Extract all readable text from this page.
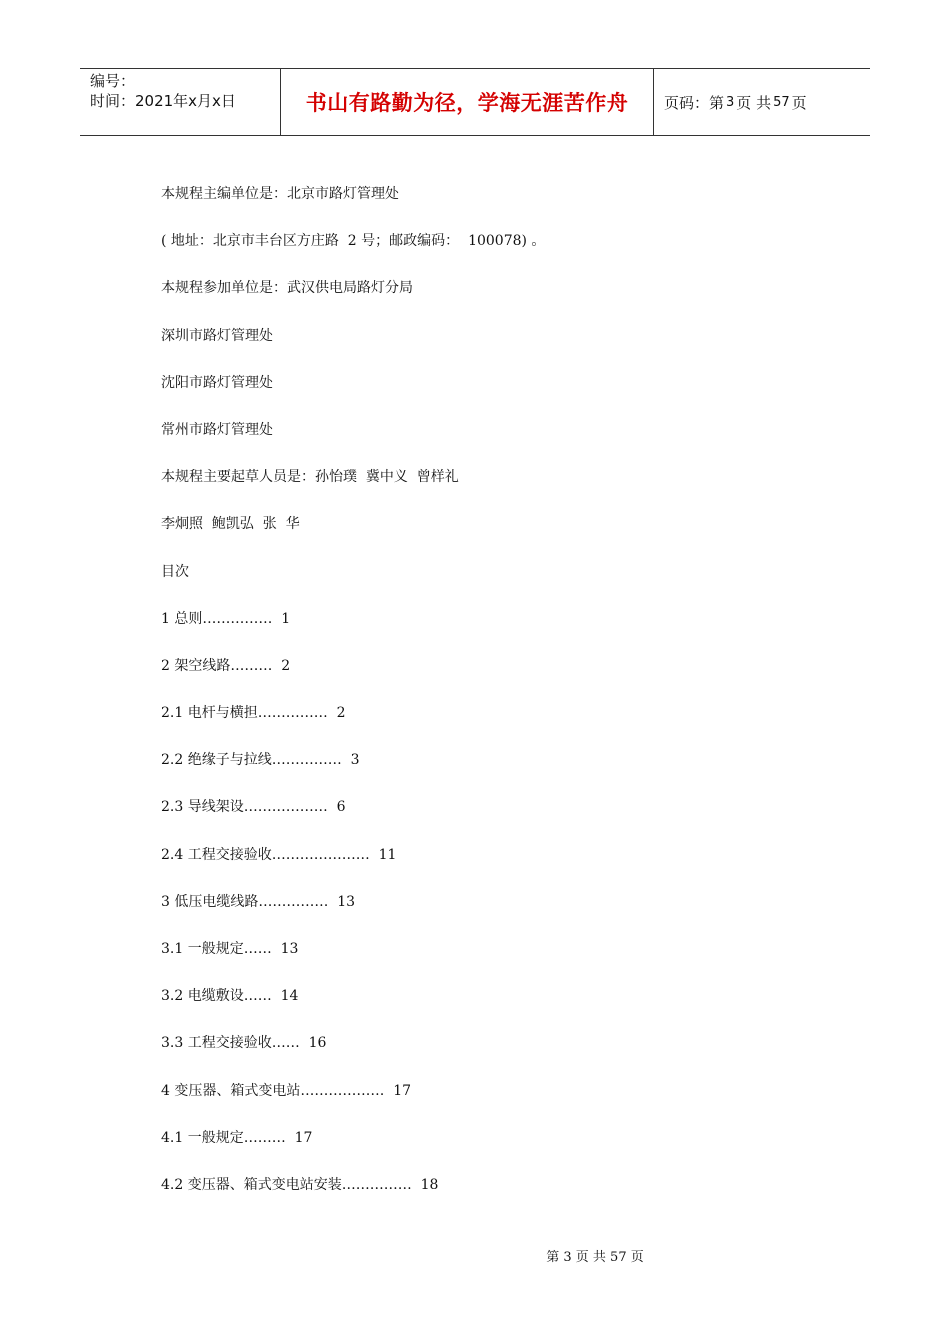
编号：
时间：2021年x月x日	书山有路勤为径，学海无涯苦作舟	页码：第 3 页 共 57 页
本规程主编单位是：北京市路灯管理处
( 地址：北京市丰台区方庄路  2 号；邮政编码：  100078) 。
本规程参加单位是：武汉供电局路灯分局
深圳市路灯管理处
沈阳市路灯管理处
常州市路灯管理处
本规程主要起草人员是：孙怡璞  冀中义  曾样礼
李炯照  鲍凯弘  张  华
目次
1 总则……………  1
2 架空线路………  2
2.1 电杆与横担……………  2
2.2 绝缘子与拉线……………  3
2.3 导线架设………………  6
2.4 工程交接验收…………………  11
3 低压电缆线路……………  13
3.1 一般规定……  13
3.2 电缆敷设……  14
3.3 工程交接验收……  16
4 变压器、箱式变电站………………  17
4.1 一般规定………  17
4.2 变压器、箱式变电站安装……………  18
第 3 页 共 57 页
